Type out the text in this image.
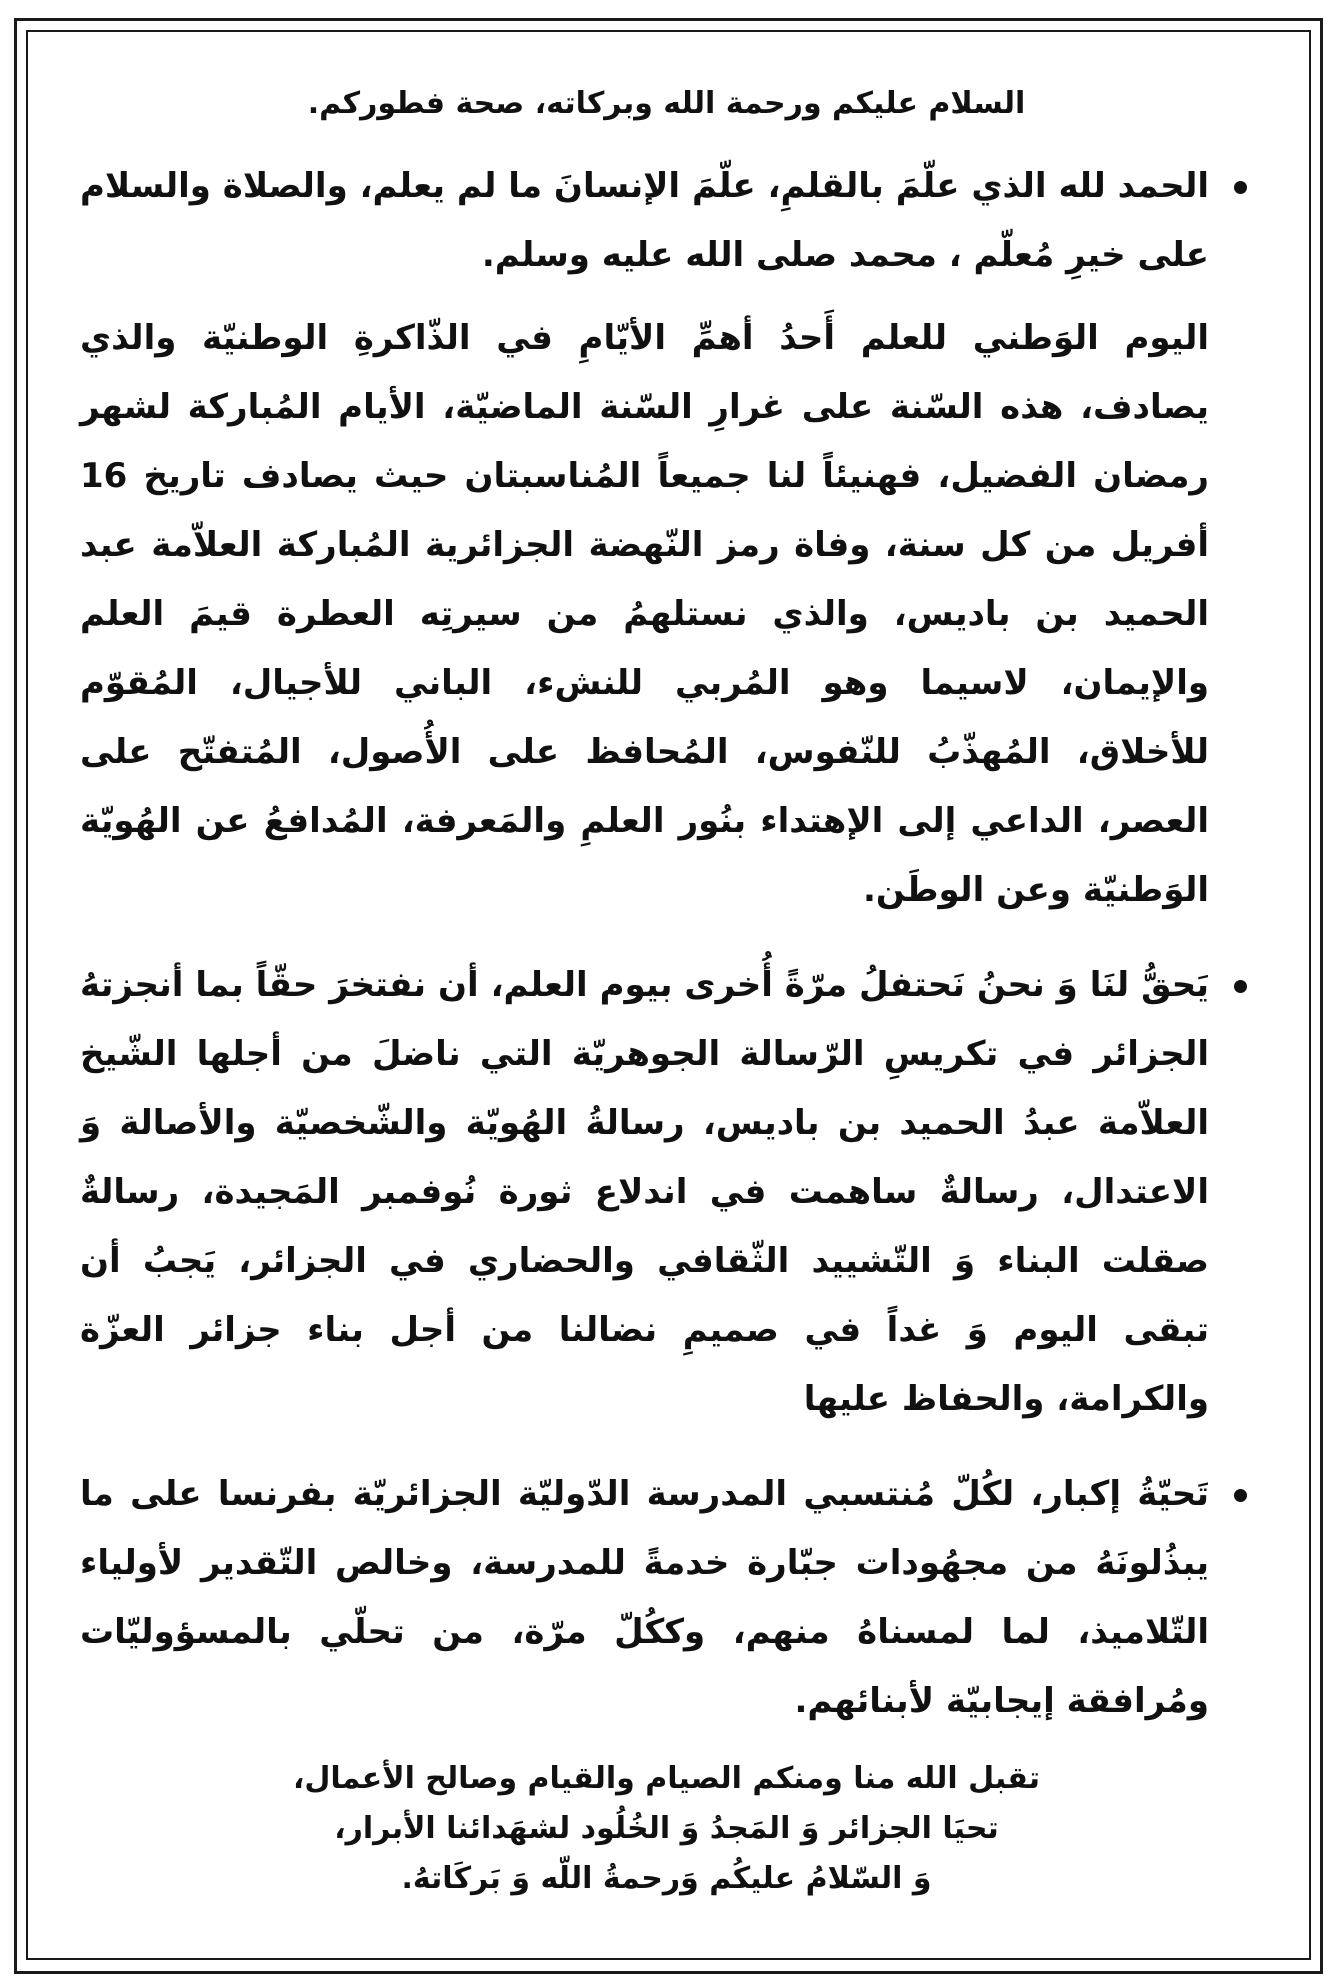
السلام عليكم ورحمة الله وبركاته، صحة فطوركم.

الحمد لله الذي علّمَ بالقلمِ، علّمَ الإنسانَ ما لم يعلم، والصلاة والسلام على خيرِ مُعلّم ، محمد صلى الله عليه وسلم.

اليوم الوَطني للعلم أَحدُ أهمِّ الأيّامِ في الذّاكرةِ الوطنيّة والذي يصادف، هذه السّنة على غرارِ السّنة الماضيّة، الأيام المُباركة لشهر رمضان الفضيل، فهنيئاً لنا جميعاً المُناسبتان حيث يصادف تاريخ 16 أفريل من كل سنة، وفاة رمز النّهضة الجزائرية المُباركة العلاّمة عبد الحميد بن باديس، والذي نستلهمُ من سيرتِه العطرة قيمَ العلم والإيمان، لاسيما وهو المُربي للنشء، الباني للأجيال، المُقوّم للأخلاق، المُهذّبُ للنّفوس، المُحافظ على الأُصول، المُتفتّح على العصر، الداعي إلى الإهتداء بنُور العلمِ والمَعرفة، المُدافعُ عن الهُويّة الوَطنيّة وعن الوطَن.

يَحقُّ لنَا وَ نحنُ نَحتفلُ مرّةً أُخرى بيوم العلم، أن نفتخرَ حقّاً بما أنجزتهُ الجزائر في تكريسِ الرّسالة الجوهريّة التي ناضلَ من أجلها الشّيخ العلاّمة عبدُ الحميد بن باديس، رسالةُ الهُويّة والشّخصيّة والأصالة وَ الاعتدال، رسالةٌ ساهمت في اندلاع ثورة نُوفمبر المَجيدة، رسالةٌ صقلت البناء وَ التّشييد الثّقافي والحضاري في الجزائر، يَجبُ أن تبقى اليوم وَ غداً في صميمِ نضالنا من أجل بناء جزائر العزّة والكرامة، والحفاظ عليها

تَحيّةُ إكبار، لكُلّ مُنتسبي المدرسة الدّوليّة الجزائريّة بفرنسا على ما يبذُلونَهُ من مجهُودات جبّارة خدمةً للمدرسة، وخالص التّقدير لأولياء التّلاميذ، لما لمسناهُ منهم، وككُلّ مرّة، من تحلّي بالمسؤوليّات ومُرافقة إيجابيّة لأبنائهم.

تقبل الله منا ومنكم الصيام والقيام وصالح الأعمال،
تحيَا الجزائر وَ المَجدُ وَ الخُلُود لشهَدائنا الأبرار،
وَ السّلامُ عليكُم وَرحمةُ اللّه وَ بَركَاتهُ.
